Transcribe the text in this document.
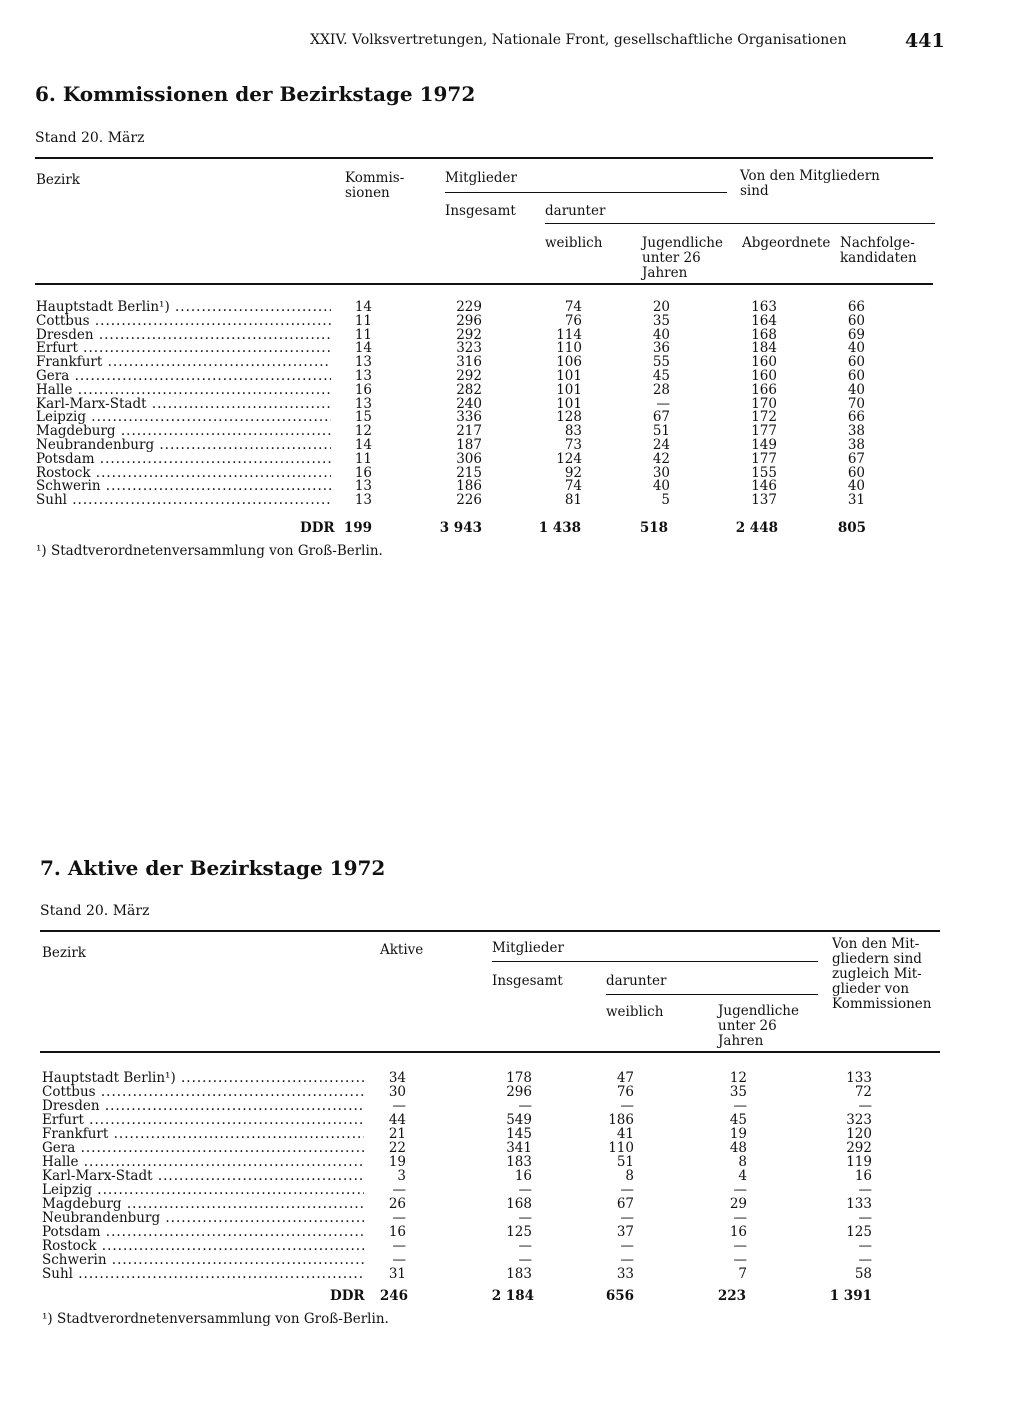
XXIV. Volksvertretungen, Nationale Front, gesellschaftliche Organisationen	441
6. Kommissionen der Bezirkstage 1972
Stand 20. März
Bezirk	Kommis- sionen
Mitglieder	Von den Mitgliedern sind
Insgesamt darunter
weiblich	Jugendliche unter 26 Jahren
Abgeordnete Nachfolge- kandidaten
Hauptstadt Berlin¹) .....	14	229	74	20	163	66
Cottbus .....	11	296	76	35	164	60
Dresden .....	11	292	114	40	168	69
Erfurt .....	14	323	110	36	184	40
Frankfurt .....	13	316	106	55	160	60
Gera .....	13	292	101	45	160	60
Halle .....	16	282	101	28	166	40
Karl-Marx-Stadt .....	13	240	101	—	170	70
Leipzig .....	15	336	128	67	172	66
Magdeburg .....	12	217	83	51	177	38
Neubrandenburg .....	14	187	73	24	149	38
Potsdam .....	11	306	124	42	177	67
Rostock .....	16	215	92	30	155	60
Schwerin .....	13	186	74	40	146	40
Suhl .....	13	226	81	5	137	31
DDR 199	3 943	1 438	518	2 448	805
¹) Stadtverordnetenversammlung von Groß-Berlin.
7. Aktive der Bezirkstage 1972
Stand 20. März
Bezirk	Aktive	Mitglieder	Von den Mit- gliedern sind zugleich Mit- glieder von Kommissionen
Insgesamt	darunter
weiblich	Jugendliche unter 26 Jahren
Hauptstadt Berlin¹) .....	34	178	47	12	133
Cottbus .....	30	296	76	35	72
Dresden .....	—	—	—	—	—
Erfurt .....	44	549	186	45	323
Frankfurt .....	21	145	41	19	120
Gera .....	22	341	110	48	292
Halle .....	19	183	51	8	119
Karl-Marx-Stadt .....	3	16	8	4	16
Leipzig .....	—	—	—	—	—
Magdeburg .....	26	168	67	29	133
Neubrandenburg .....	—	—	—	—	—
Potsdam .....	16	125	37	16	125
Rostock .....	—	—	—	—	—
Schwerin .....	—	—	—	—	—
Suhl .....	31	183	33	7	58
DDR	246	2 184	656	223	1 391
¹) Stadtverordnetenversammlung von Groß-Berlin.
